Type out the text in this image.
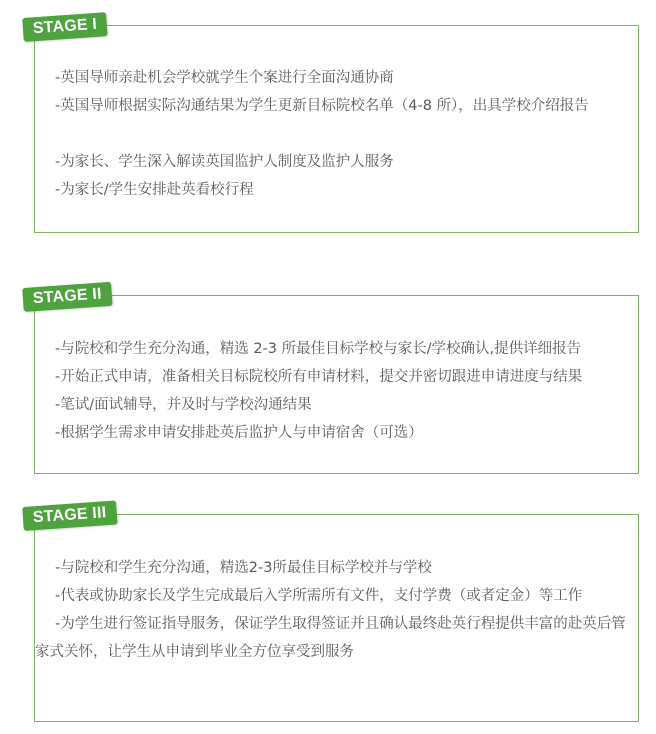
STAGE I

-英国导师亲赴机会学校就学生个案进行全面沟通协商

-英国导师根据实际沟通结果为学生更新目标院校名单（4-8 所），出具学校介绍报告

-为家长、学生深入解读英国监护人制度及监护人服务

-为家长/学生安排赴英看校行程

STAGE II

-与院校和学生充分沟通，精选 2-3 所最佳目标学校与家长/学校确认,提供详细报告

-开始正式申请，准备相关目标院校所有申请材料，提交并密切跟进申请进度与结果

-笔试/面试辅导，并及时与学校沟通结果

-根据学生需求申请安排赴英后监护人与申请宿舍（可选）

STAGE III

-与院校和学生充分沟通，精选2-3所最佳目标学校并与学校

-代表或协助家长及学生完成最后入学所需所有文件，支付学费（或者定金）等工作

-为学生进行签证指导服务，保证学生取得签证并且确认最终赴英行程提供丰富的赴英后管家式关怀，让学生从申请到毕业全方位享受到服务
